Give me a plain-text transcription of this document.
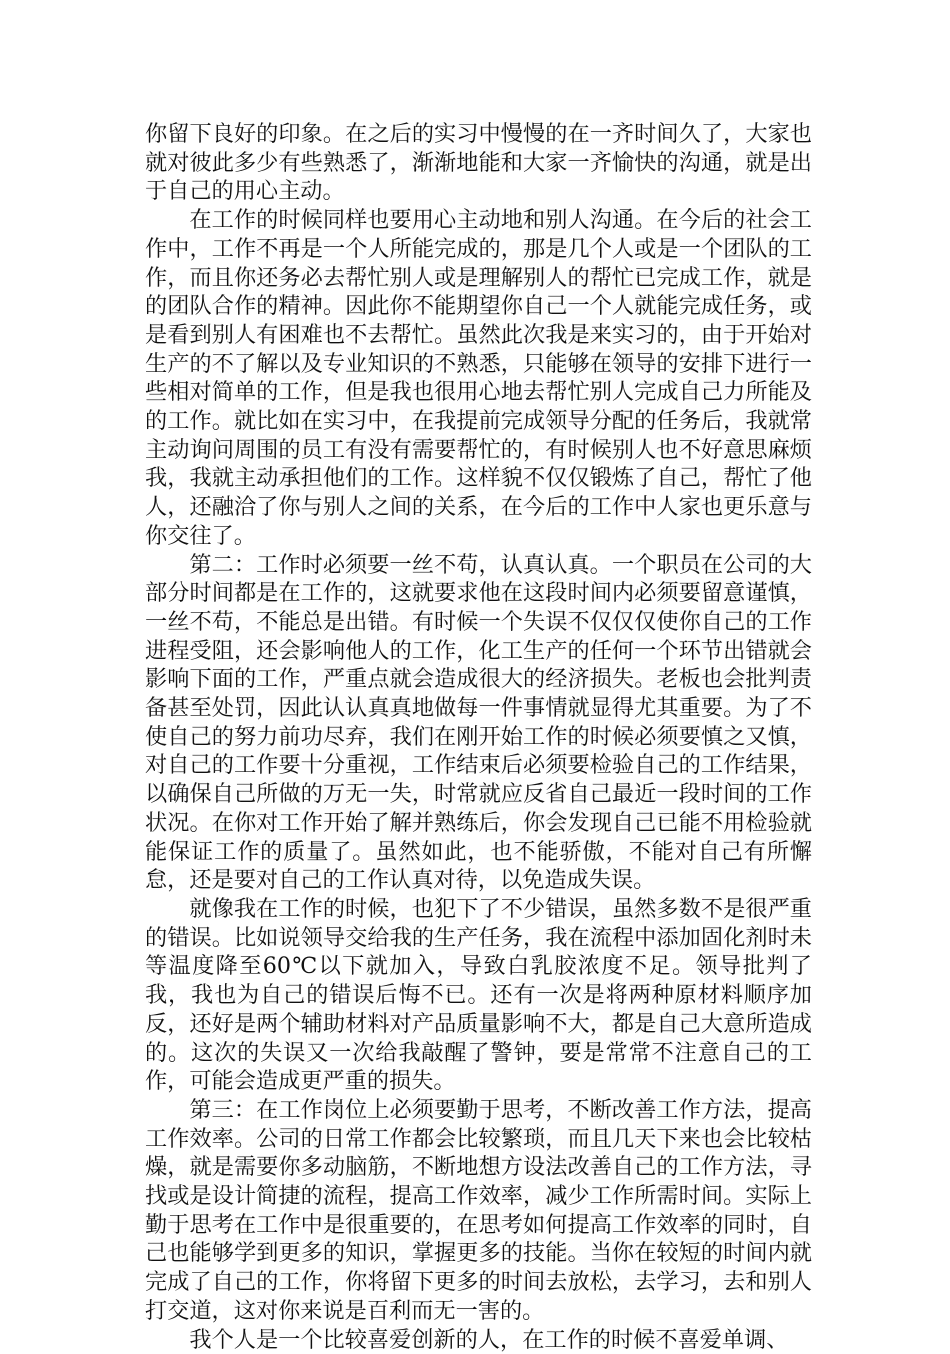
你留下良好的印象。在之后的实习中慢慢的在一齐时间久了，大家也就对彼此多少有些熟悉了，渐渐地能和大家一齐愉快的沟通，就是出于自己的用心主动。

在工作的时候同样也要用心主动地和别人沟通。在今后的社会工作中，工作不再是一个人所能完成的，那是几个人或是一个团队的工作，而且你还务必去帮忙别人或是理解别人的帮忙已完成工作，就是的团队合作的精神。因此你不能期望你自己一个人就能完成任务，或是看到别人有困难也不去帮忙。虽然此次我是来实习的，由于开始对生产的不了解以及专业知识的不熟悉，只能够在领导的安排下进行一些相对简单的工作，但是我也很用心地去帮忙别人完成自己力所能及的工作。就比如在实习中，在我提前完成领导分配的任务后，我就常主动询问周围的员工有没有需要帮忙的，有时候别人也不好意思麻烦我，我就主动承担他们的工作。这样貌不仅仅锻炼了自己，帮忙了他人，还融洽了你与别人之间的关系，在今后的工作中人家也更乐意与你交往了。

第二：工作时必须要一丝不苟，认真认真。一个职员在公司的大部分时间都是在工作的，这就要求他在这段时间内必须要留意谨慎，一丝不苟，不能总是出错。有时候一个失误不仅仅仅使你自己的工作进程受阻，还会影响他人的工作，化工生产的任何一个环节出错就会影响下面的工作，严重点就会造成很大的经济损失。老板也会批判责备甚至处罚，因此认认真真地做每一件事情就显得尤其重要。为了不使自己的努力前功尽弃，我们在刚开始工作的时候必须要慎之又慎，对自己的工作要十分重视，工作结束后必须要检验自己的工作结果，以确保自己所做的万无一失，时常就应反省自己最近一段时间的工作状况。在你对工作开始了解并熟练后，你会发现自己已能不用检验就能保证工作的质量了。虽然如此，也不能骄傲，不能对自己有所懈怠，还是要对自己的工作认真对待，以免造成失误。

就像我在工作的时候，也犯下了不少错误，虽然多数不是很严重的错误。比如说领导交给我的生产任务，我在流程中添加固化剂时未等温度降至60℃以下就加入，导致白乳胶浓度不足。领导批判了我，我也为自己的错误后悔不已。还有一次是将两种原材料顺序加反，还好是两个辅助材料对产品质量影响不大，都是自己大意所造成的。这次的失误又一次给我敲醒了警钟，要是常常不注意自己的工作，可能会造成更严重的损失。

第三：在工作岗位上必须要勤于思考，不断改善工作方法，提高工作效率。公司的日常工作都会比较繁琐，而且几天下来也会比较枯燥，就是需要你多动脑筋，不断地想方设法改善自己的工作方法，寻找或是设计简捷的流程，提高工作效率，减少工作所需时间。实际上勤于思考在工作中是很重要的，在思考如何提高工作效率的同时，自己也能够学到更多的知识，掌握更多的技能。当你在较短的时间内就完成了自己的工作，你将留下更多的时间去放松，去学习，去和别人打交道，这对你来说是百利而无一害的。

我个人是一个比较喜爱创新的人，在工作的时候不喜爱单调、
